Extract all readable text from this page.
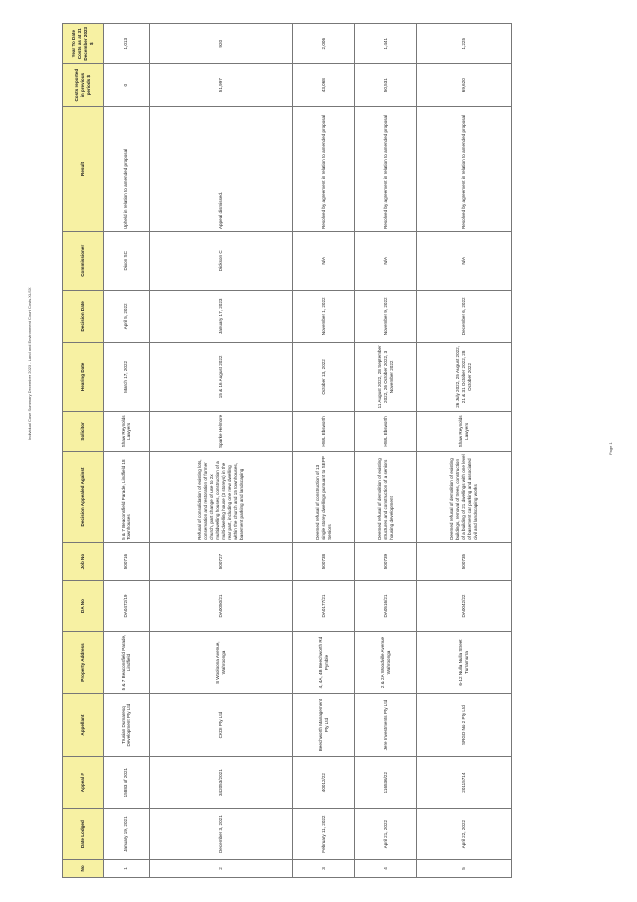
Individual Case Summary December 2023 - Land and Environment Court Costs.XLSX
Page 1
No	Date Lodged	Appeal #	Appellant	Property Address	DA No	Job No	Decision Appealed Against	Solicitor	Hearing Date	Decision Date	Commissioner	Result	Costs reported in previous periods $	Year To Date Costs as at 31 December 2023 $
1	January 19, 2021	15883 of 2021	Trusian Dumaresq Development Pty Ltd	5 & 7 Beaconsfield Parade, Lindfield	DA0472/19	500716	5 & 7 Beaconsfield Parade, Lindfield 18 Townhouses	Shaw Reynolds Lawyers	March 17, 2022	April 5, 2022	Dixon SC	Upheld in relation to amended proposal	0	1,013
2	December 3, 2021	342053/2021	CKDI Pty Ltd	8 Wooloona Avenue, Wahroonga	DA0050/21	500727	Refusal of consolidation of existing lots, conservation and restoration of former church, part change of use to 2x multidwelling houses, construction of a multi-dwelling house (3 storeys) in the rear part, including one new dwelling within the church and 15 townhouses, basement parking and landscaping	Sparke Helmore	15 & 16 August 2022	January 17, 2023	Dickson C	Appeal dismissed.	51,997	920
3	February 11, 2022	40012/22	Beechworth Management Pty Ltd	4, 4A, 4B Beechworth Rd Pymble	DA0177/21	500738	Deemed refusal of construction of 13 single storey dwellings pursuant to SEPP Seniors	HWL Ebsworth	October 13, 2022	November 1, 2022	N/A	Resolved by agreement in relation to amended proposal	43,068	2,006
4	April 21, 2022	116536/22	Jere Investments Pty Ltd	2 & 2A Woodville Avenue Wahroonga	DA0516/21	500739	Deemed refusal of demolition of existing structures and construction of a seniors housing development	HWL Ebsworth	11 August 2022, 28 September 2022, 26 October 2022, 3 November 2022	November 9, 2022	N/A	Resolved by agreement in relation to amended proposal	50,531	1,441
5	April 22, 2022	20115714	SRGD No 2 Pty Ltd	6-12 Nulla Nulla Street Turramurra	DA0042/22	500735	Deemed refusal of demolition of existing buildings, removal of trees, construction of a building of 21 dwellings with one level of basement car parking and associated civil and landscaping works	Shaw Reynolds Lawyers	26 July 2022, 25 August 2022, 21 & 31 October 2022, 28 October 2022	December 6, 2022	N/A	Resolved by agreement in relation to amended proposal	69,620	1,225
